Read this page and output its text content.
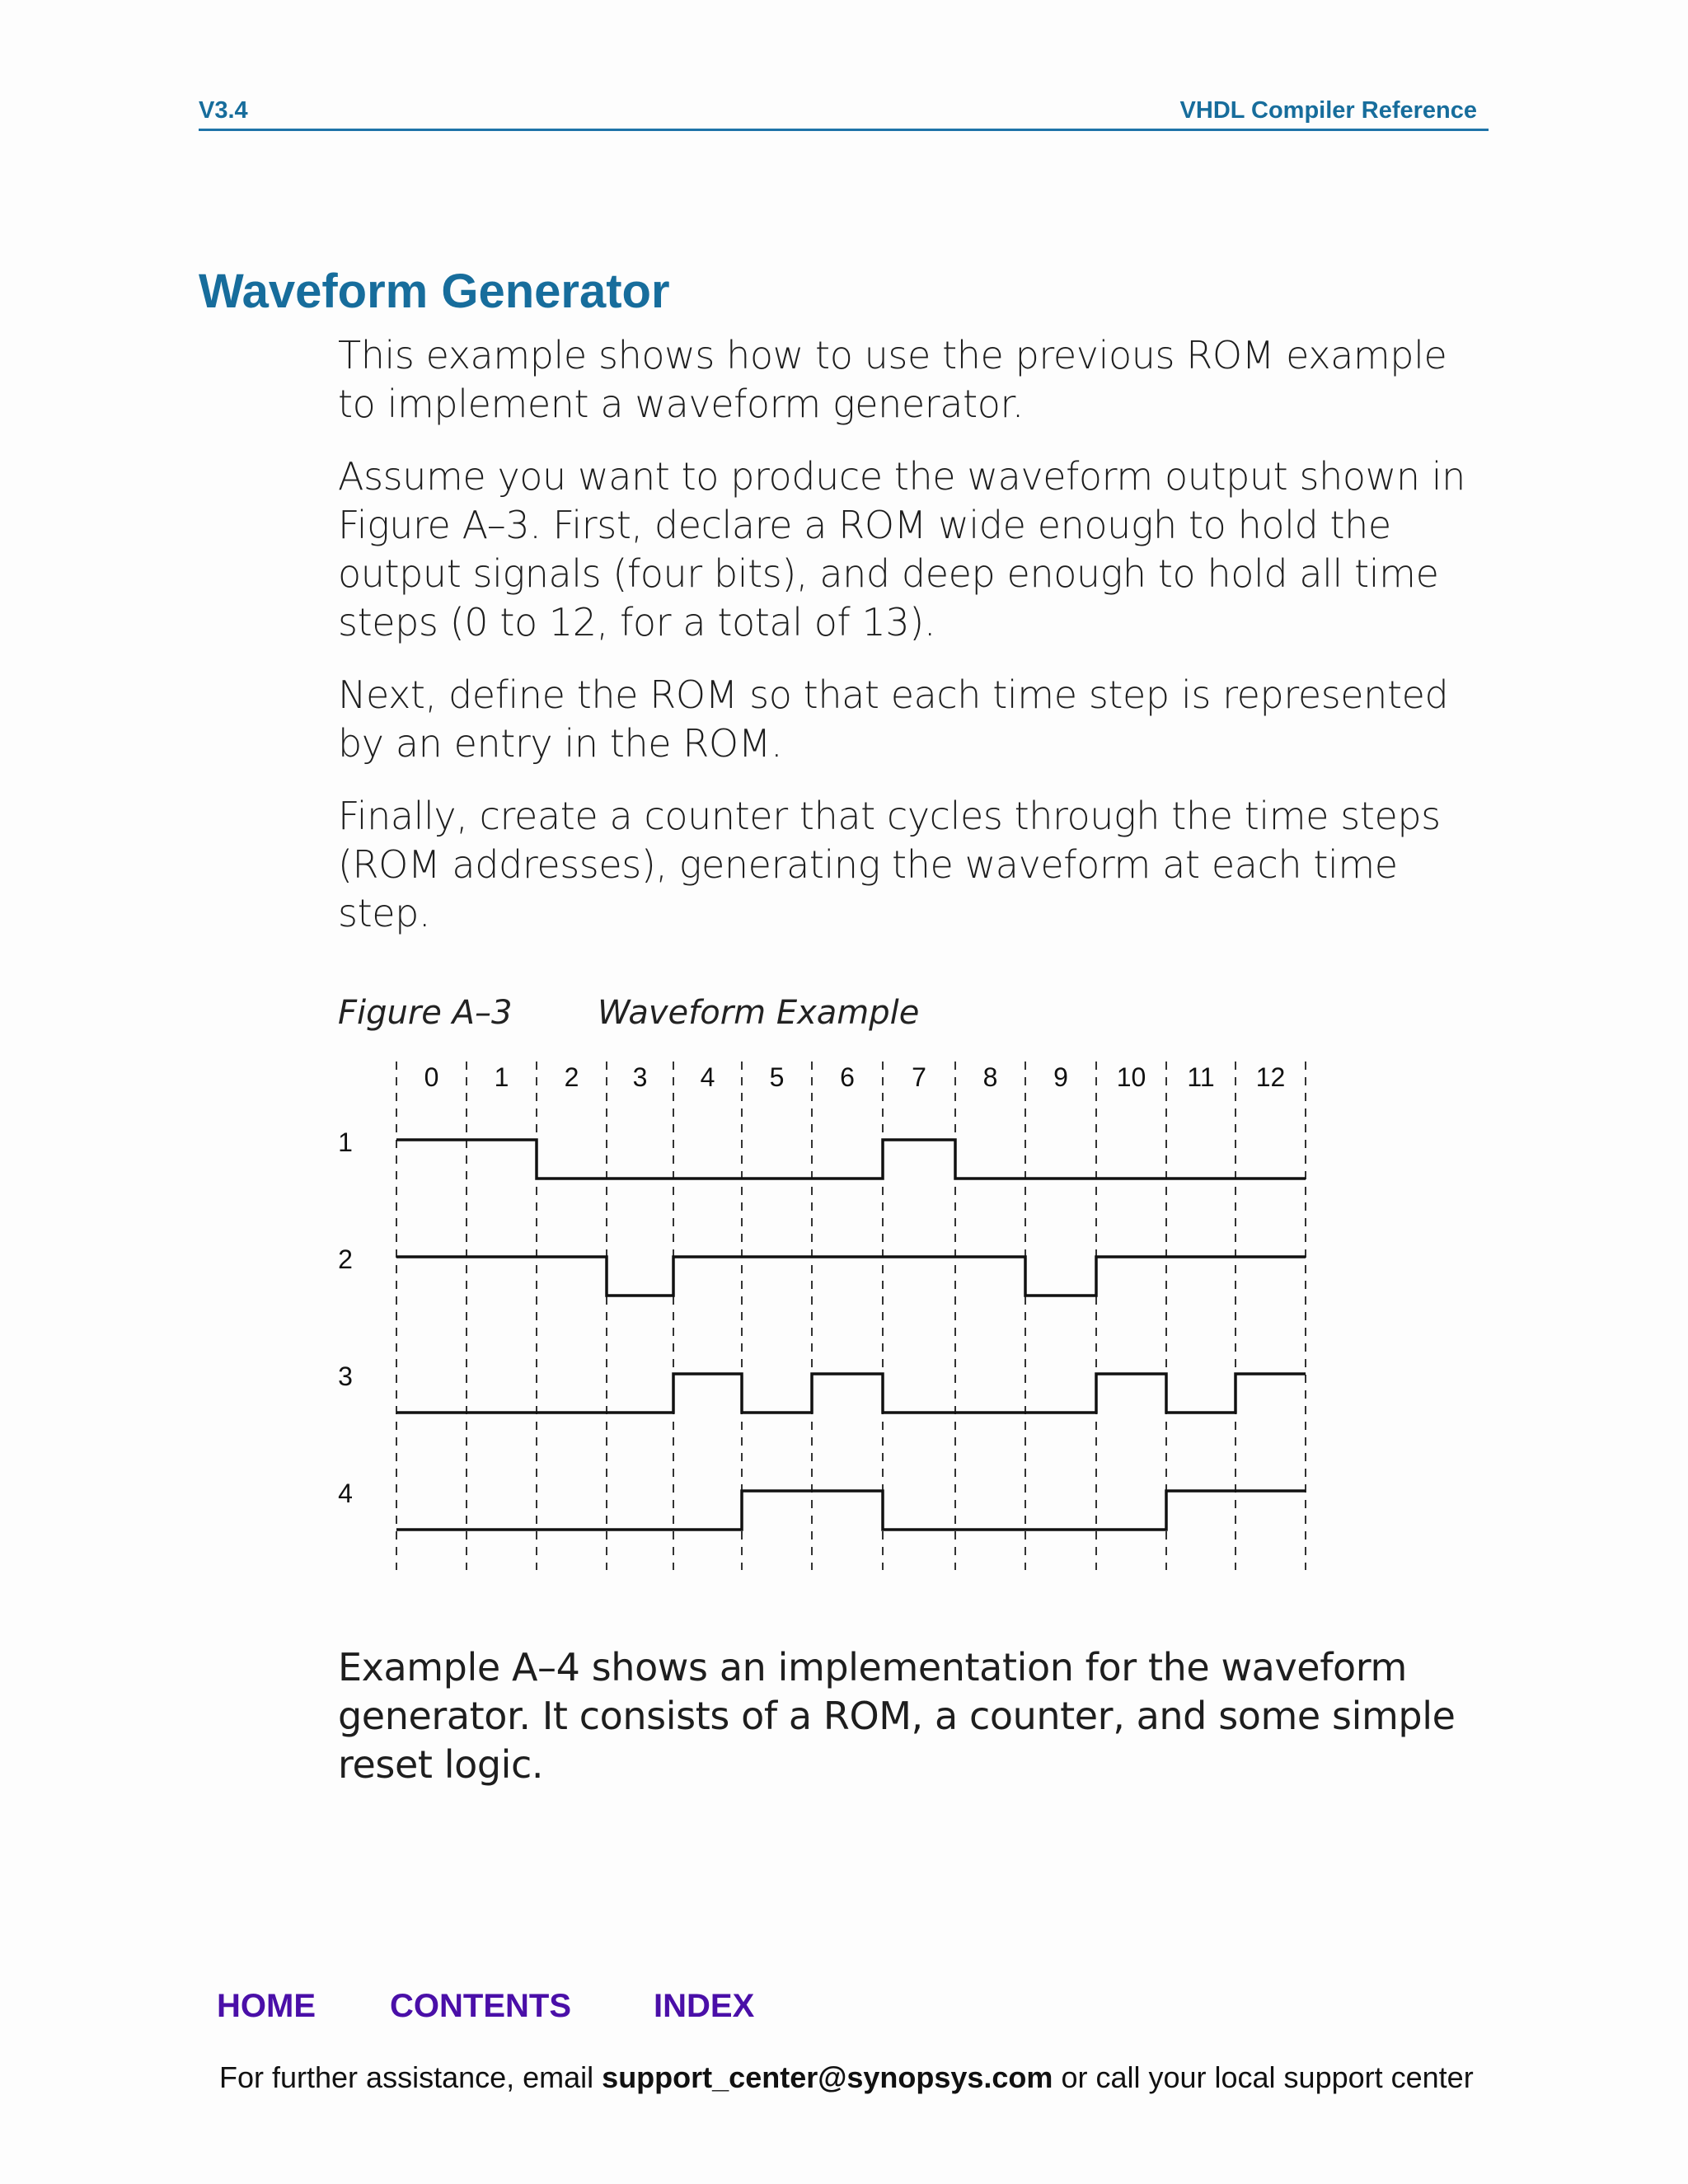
V3.4	VHDL Compiler Reference
Waveform Generator

This example shows how to use the previous ROM example to implement a waveform generator.

Assume you want to produce the waveform output shown in Figure A–3. First, declare a ROM wide enough to hold the output signals (four bits), and deep enough to hold all time steps (0 to 12, for a total of 13).

Next, define the ROM so that each time step is represented by an entry in the ROM.

Finally, create a counter that cycles through the time steps (ROM addresses), generating the waveform at each time step.

Figure A–3	Waveform Example
0 1 2 3 4 5 6 7 8 9 10 11 12
1
2
3
4

Example A–4 shows an implementation for the waveform generator. It consists of a ROM, a counter, and some simple reset logic.

HOME CONTENTS	INDEX
For further assistance, email support_center@synopsys.com or call your local support center
